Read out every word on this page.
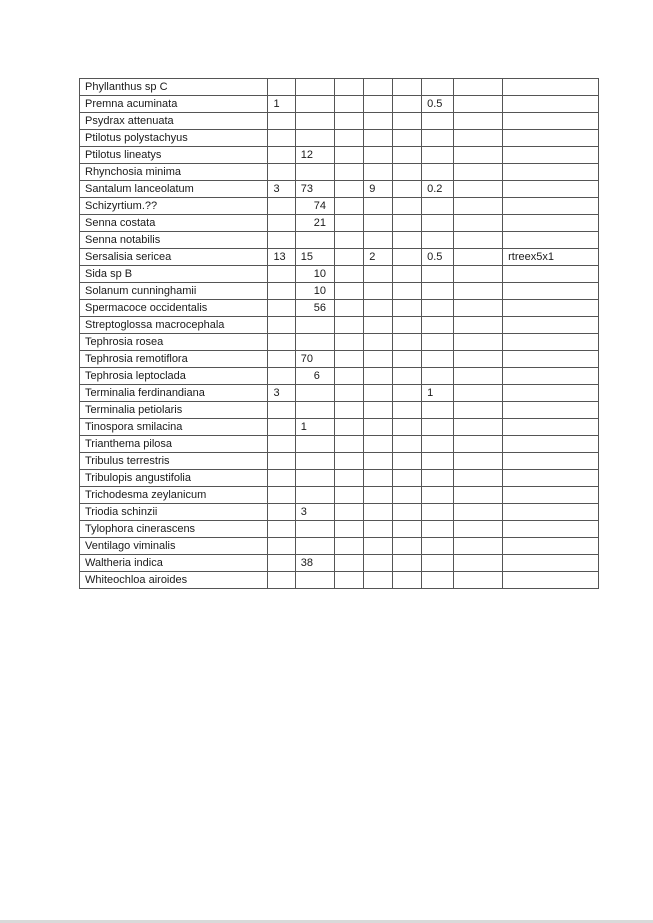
Phyllanthus sp C								
Premna acuminata	1					0.5		
Psydrax attenuata								
Ptilotus polystachyus								
Ptilotus lineatys		12						
Rhynchosia minima								
Santalum lanceolatum	3	73		9		0.2		
Schizyrtium.??		74						
Senna costata		21						
Senna notabilis								
Sersalisia sericea	13	15		2		0.5		rtreex5x1
Sida sp B		10						
Solanum cunninghamii		10						
Spermacoce occidentalis		56						
Streptoglossa macrocephala								
Tephrosia rosea								
Tephrosia remotiflora		70						
Tephrosia leptoclada		6						
Terminalia ferdinandiana	3					1		
Terminalia petiolaris								
Tinospora smilacina		1						
Trianthema pilosa								
Tribulus terrestris								
Tribulopis angustifolia								
Trichodesma zeylanicum								
Triodia schinzii		3						
Tylophora cinerascens								
Ventilago viminalis								
Waltheria indica		38						
Whiteochloa airoides								
